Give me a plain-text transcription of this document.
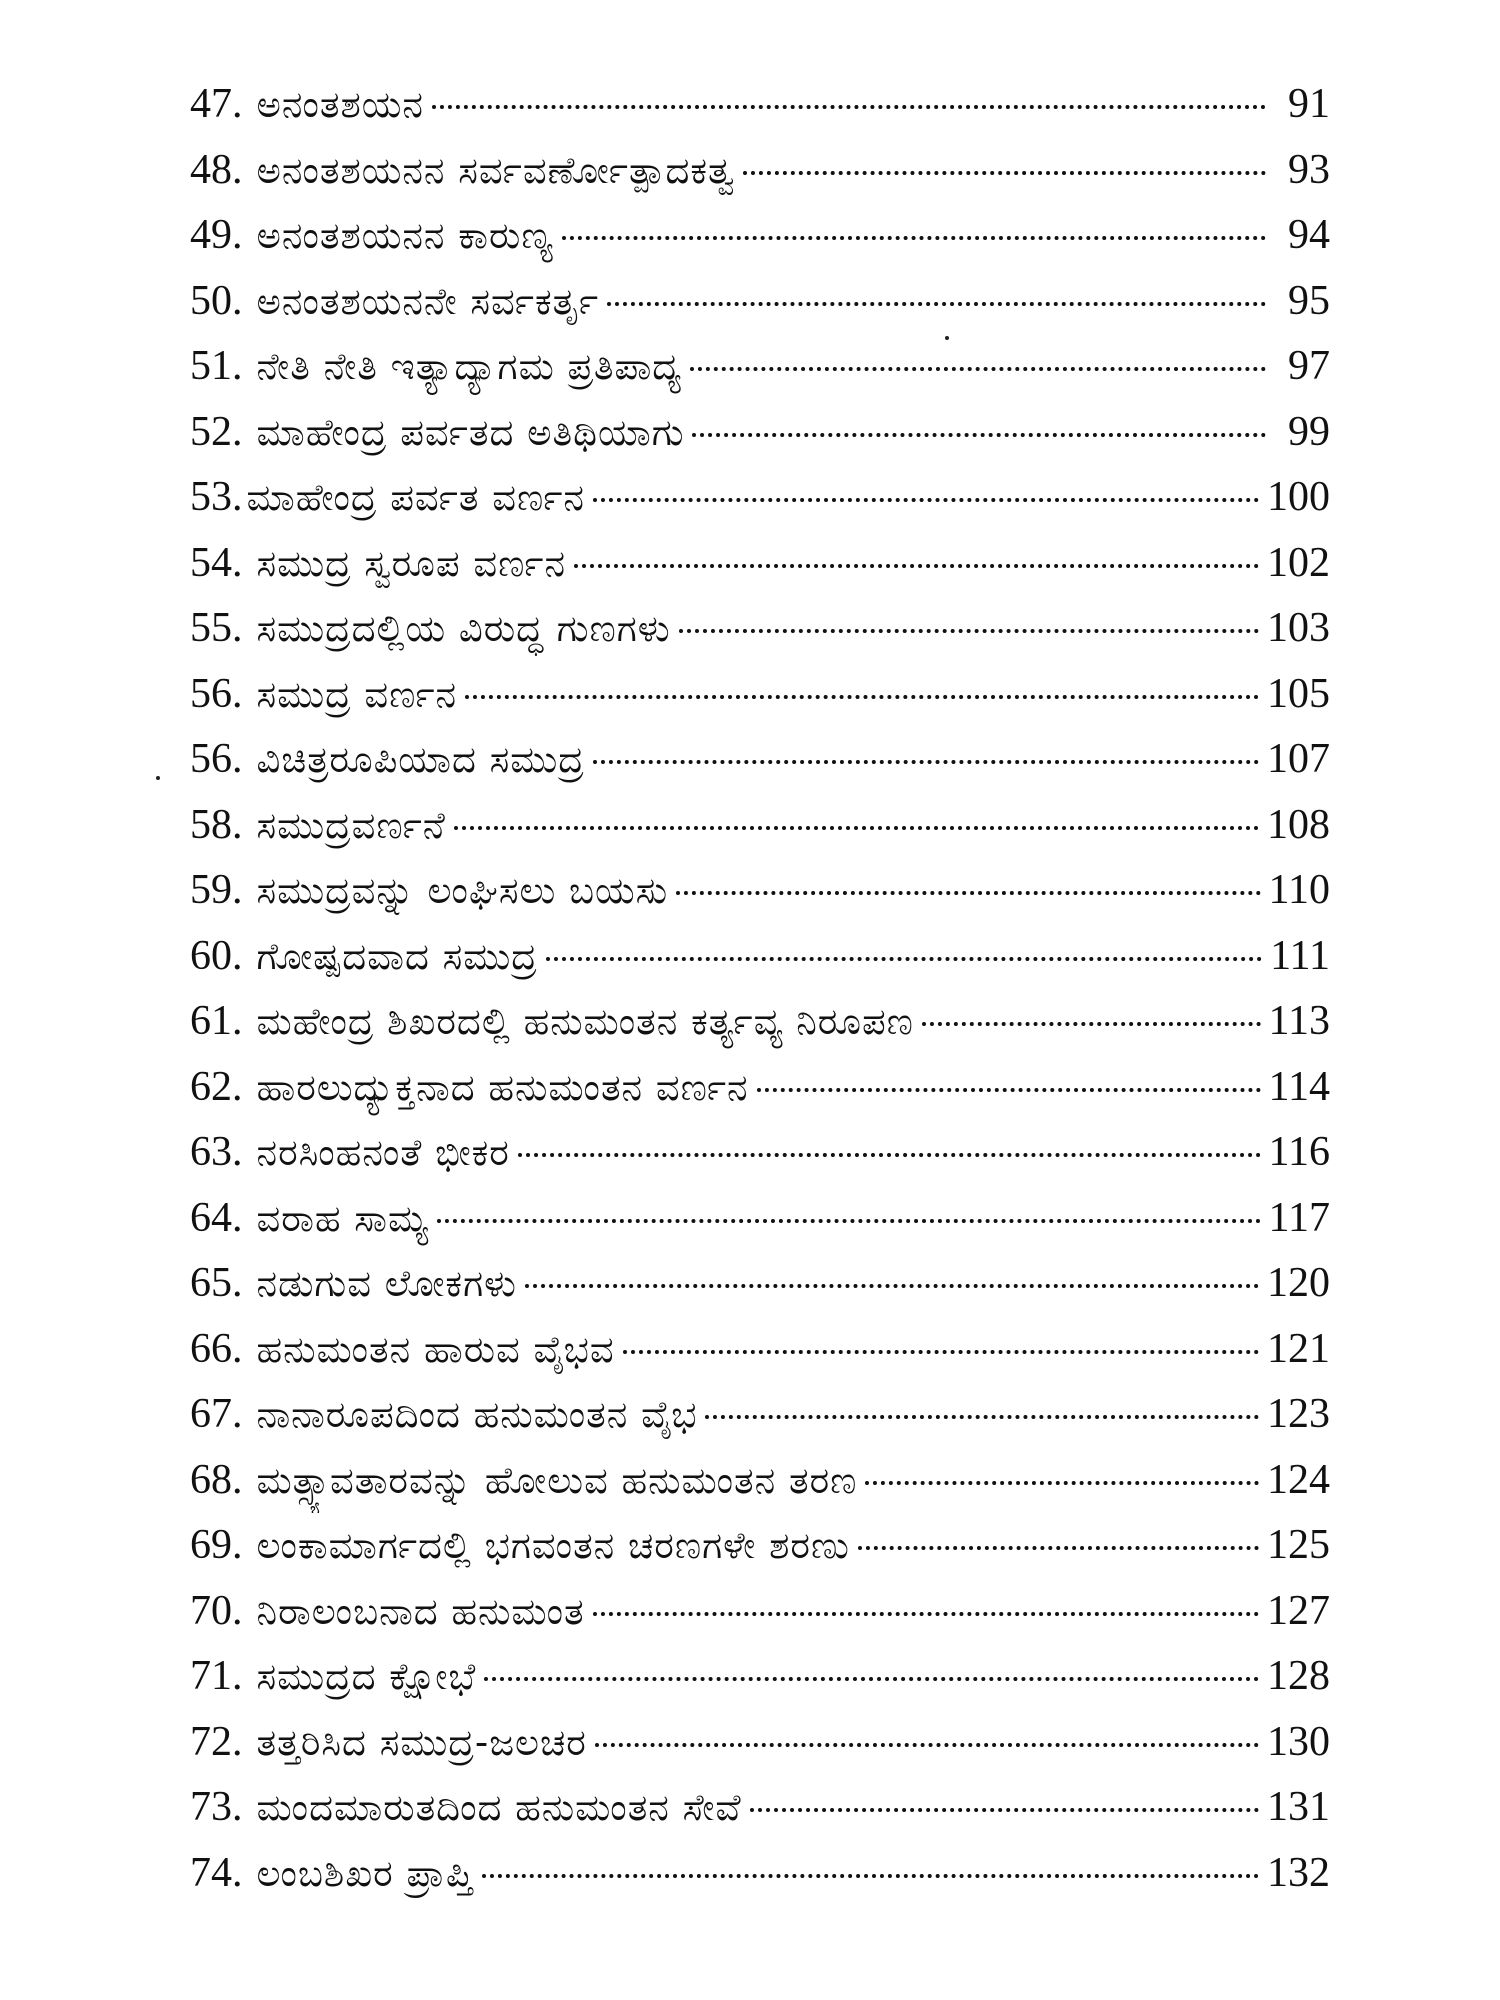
47. ಅನಂತಶಯನ	91
48. ಅನಂತಶಯನನ ಸರ್ವವರ್ಣೋತ್ಪಾದಕತ್ವ	93
49. ಅನಂತಶಯನನ ಕಾರುಣ್ಯ	94
50. ಅನಂತಶಯನನೇ ಸರ್ವಕರ್ತೃ	95
51. ನೇತಿ ನೇತಿ ಇತ್ಯಾದ್ಯಾಗಮ ಪ್ರತಿಪಾದ್ಯ	97
52. ಮಾಹೇಂದ್ರ ಪರ್ವತದ ಅತಿಥಿಯಾಗು	99
53. ಮಾಹೇಂದ್ರ ಪರ್ವತ ವರ್ಣನ	100
54. ಸಮುದ್ರ ಸ್ವರೂಪ ವರ್ಣನ	102
55. ಸಮುದ್ರದಲ್ಲಿಯ ವಿರುದ್ಧ ಗುಣಗಳು	103
56. ಸಮುದ್ರ ವರ್ಣನ	105
56. ವಿಚಿತ್ರರೂಪಿಯಾದ ಸಮುದ್ರ	107
58. ಸಮುದ್ರವರ್ಣನೆ	108
59. ಸಮುದ್ರವನ್ನು ಲಂಘಿಸಲು ಬಯಸು	110
60. ಗೋಷ್ಪದವಾದ ಸಮುದ್ರ	111
61. ಮಹೇಂದ್ರ ಶಿಖರದಲ್ಲಿ ಹನುಮಂತನ ಕರ್ತ್ಯವ್ಯ ನಿರೂಪಣ	113
62. ಹಾರಲುದ್ಯುಕ್ತನಾದ ಹನುಮಂತನ ವರ್ಣನ	114
63. ನರಸಿಂಹನಂತೆ ಭೀಕರ	116
64. ವರಾಹ ಸಾಮ್ಯ	117
65. ನಡುಗುವ ಲೋಕಗಳು	120
66. ಹನುಮಂತನ ಹಾರುವ ವೈಭವ	121
67. ನಾನಾರೂಪದಿಂದ ಹನುಮಂತನ ವೈಭ	123
68. ಮತ್ಸ್ಯಾವತಾರವನ್ನು ಹೋಲುವ ಹನುಮಂತನ ತರಣ	124
69. ಲಂಕಾಮಾರ್ಗದಲ್ಲಿ ಭಗವಂತನ ಚರಣಗಳೇ ಶರಣು	125
70. ನಿರಾಲಂಬನಾದ ಹನುಮಂತ	127
71. ಸಮುದ್ರದ ಕ್ಷೋಭೆ	128
72. ತತ್ತರಿಸಿದ ಸಮುದ್ರ-ಜಲಚರ	130
73. ಮಂದಮಾರುತದಿಂದ ಹನುಮಂತನ ಸೇವೆ	131
74. ಲಂಬಶಿಖರ ಪ್ರಾಪ್ತಿ	132
